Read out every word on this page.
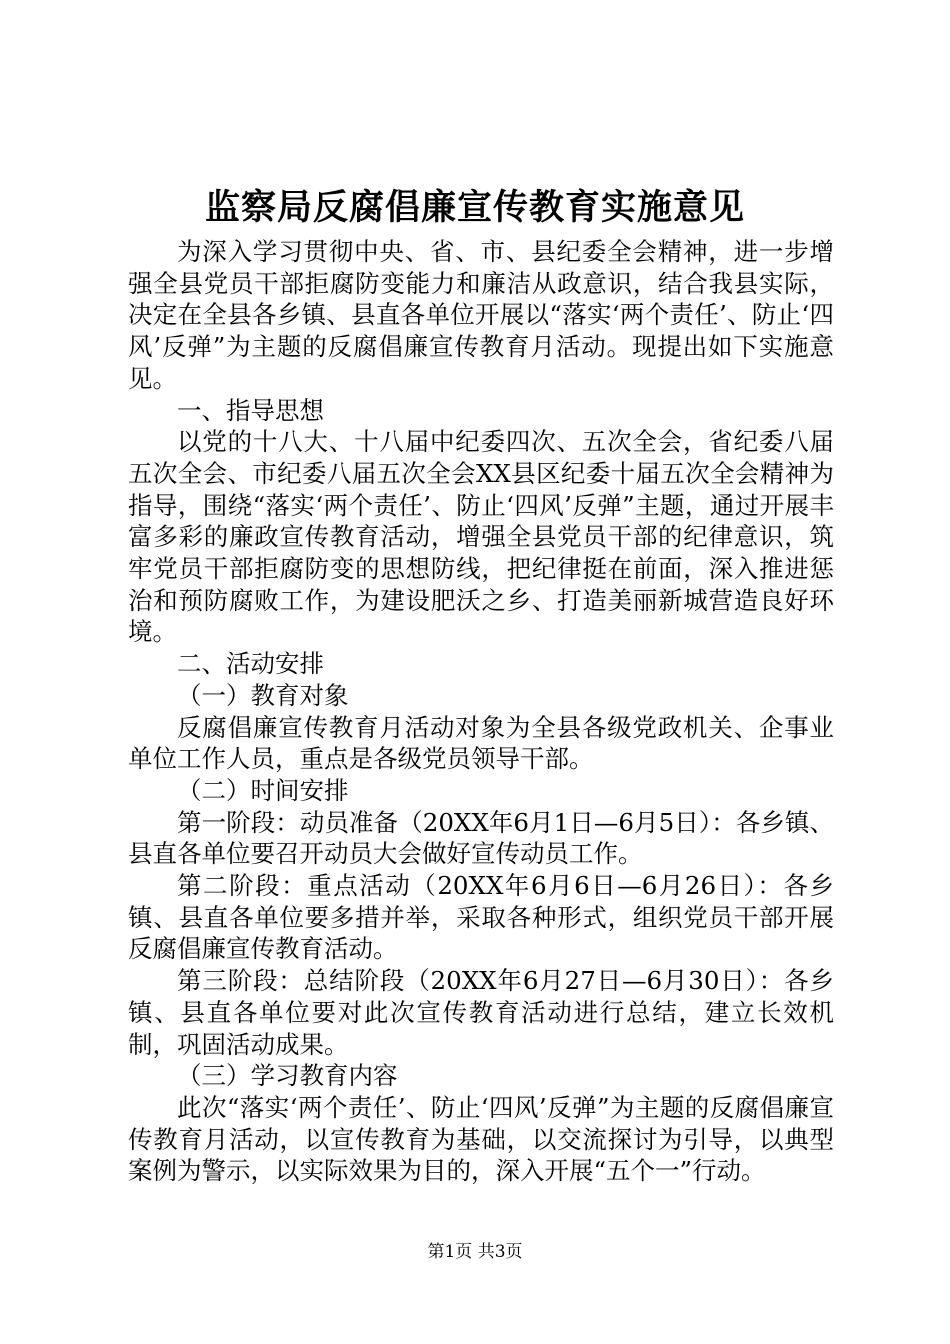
监察局反腐倡廉宣传教育实施意见

为深入学习贯彻中央、省、市、县纪委全会精神，进一步增强全县党员干部拒腐防变能力和廉洁从政意识，结合我县实际，决定在全县各乡镇、县直各单位开展以“落实‘两个责任’、防止‘四风’反弹”为主题的反腐倡廉宣传教育月活动。现提出如下实施意见。

一、指导思想

以党的十八大、十八届中纪委四次、五次全会，省纪委八届五次全会、市纪委八届五次全会XX县区纪委十届五次全会精神为指导，围绕“落实‘两个责任’、防止‘四风’反弹”主题，通过开展丰富多彩的廉政宣传教育活动，增强全县党员干部的纪律意识，筑牢党员干部拒腐防变的思想防线，把纪律挺在前面，深入推进惩治和预防腐败工作，为建设肥沃之乡、打造美丽新城营造良好环境。

二、活动安排

（一）教育对象

反腐倡廉宣传教育月活动对象为全县各级党政机关、企事业单位工作人员，重点是各级党员领导干部。

（二）时间安排

第一阶段：动员准备（20XX年6月1日—6月5日）：各乡镇、县直各单位要召开动员大会做好宣传动员工作。

第二阶段：重点活动（20XX年6月6日—6月26日）：各乡镇、县直各单位要多措并举，采取各种形式，组织党员干部开展反腐倡廉宣传教育活动。

第三阶段：总结阶段（20XX年6月27日—6月30日）：各乡镇、县直各单位要对此次宣传教育活动进行总结，建立长效机制，巩固活动成果。

（三）学习教育内容

此次“落实‘两个责任’、防止‘四风’反弹”为主题的反腐倡廉宣传教育月活动，以宣传教育为基础，以交流探讨为引导，以典型案例为警示，以实际效果为目的，深入开展“五个一”行动。

第1页 共3页
